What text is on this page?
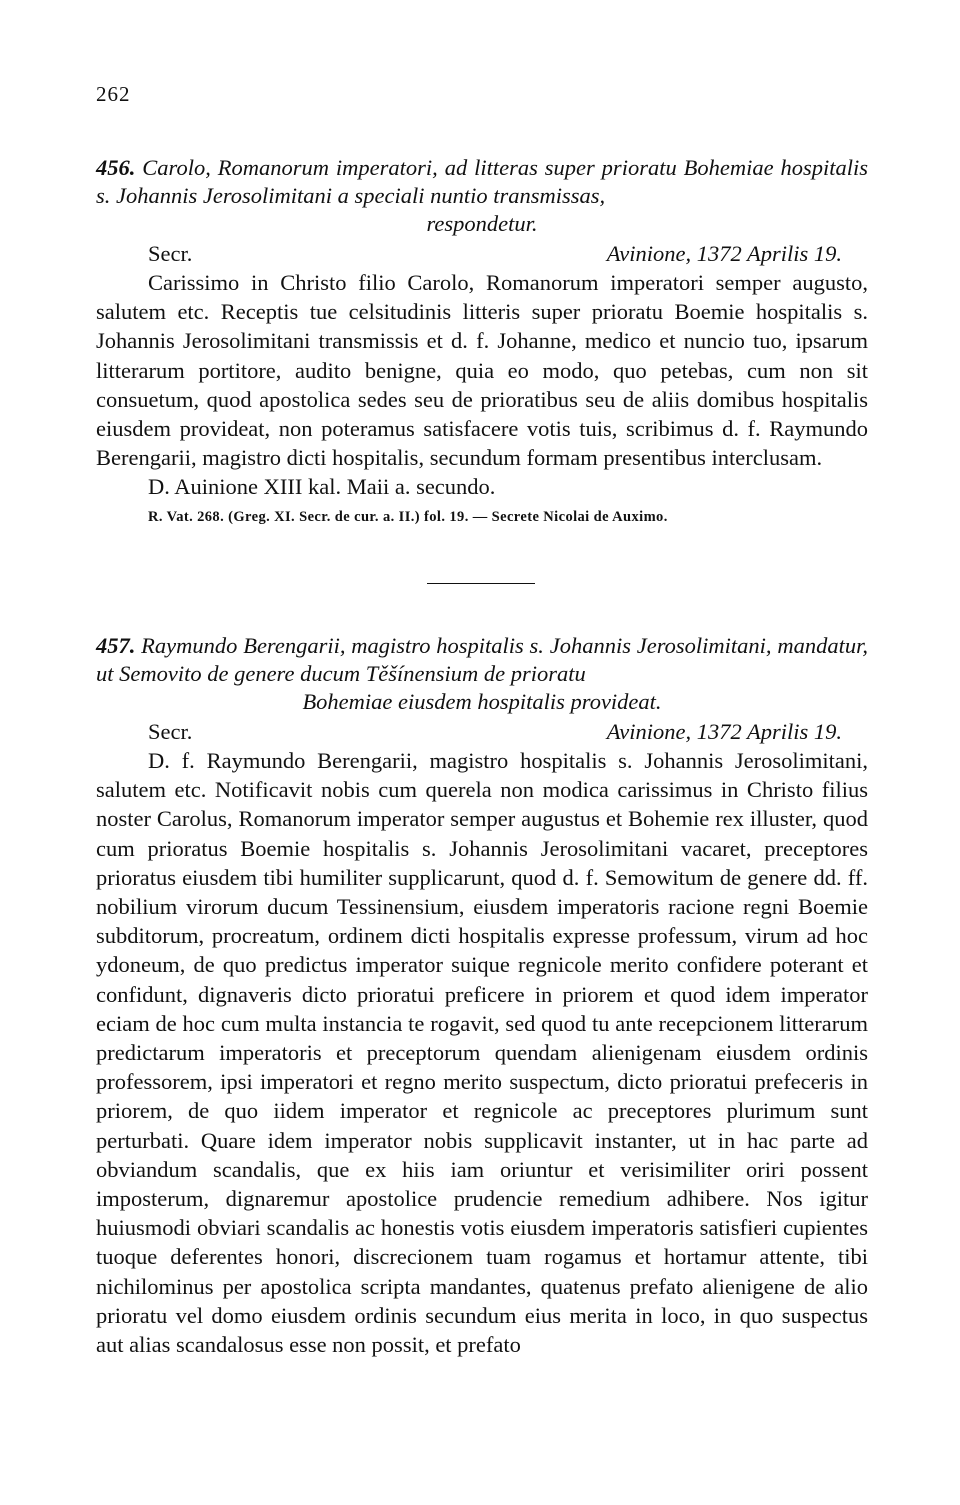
262

456. Carolo, Romanorum imperatori, ad litteras super prioratu Bohemiae hospitalis s. Johannis Jerosolimitani a speciali nuntio transmissas,
respondetur.

Secr.	Avinione, 1372 Aprilis 19.

Carissimo in Christo filio Carolo, Romanorum imperatori semper augusto, salutem etc. Receptis tue celsitudinis litteris super prioratu Boemie hospitalis s. Johannis Jerosolimitani transmissis et d. f. Johanne, medico et nuncio tuo, ipsarum litterarum portitore, audito benigne, quia eo modo, quo petebas, cum non sit consuetum, quod apostolica sedes seu de prioratibus seu de aliis domibus hospitalis eiusdem provideat, non poteramus satisfacere votis tuis, scribimus d. f. Raymundo Berengarii, magistro dicti hospitalis, secundum formam presentibus interclusam.

D. Auinione XIII kal. Maii a. secundo.

R. Vat. 268. (Greg. XI. Secr. de cur. a. II.) fol. 19. — Secrete Nicolai de Auximo.

457. Raymundo Berengarii, magistro hospitalis s. Johannis Jerosolimitani, mandatur, ut Semovito de genere ducum Těšínensium de prioratu
Bohemiae eiusdem hospitalis provideat.

Secr.	Avinione, 1372 Aprilis 19.

D. f. Raymundo Berengarii, magistro hospitalis s. Johannis Jerosolimitani, salutem etc. Notificavit nobis cum querela non modica carissimus in Christo filius noster Carolus, Romanorum imperator semper augustus et Bohemie rex illuster, quod cum prioratus Boemie hospitalis s. Johannis Jerosolimitani vacaret, preceptores prioratus eiusdem tibi humiliter supplicarunt, quod d. f. Semowitum de genere dd. ff. nobilium virorum ducum Tessinensium, eiusdem imperatoris racione regni Boemie subditorum, procreatum, ordinem dicti hospitalis expresse professum, virum ad hoc ydoneum, de quo predictus imperator suique regnicole merito confidere poterant et confidunt, dignaveris dicto prioratui preficere in priorem et quod idem imperator eciam de hoc cum multa instancia te rogavit, sed quod tu ante recepcionem litterarum predictarum imperatoris et preceptorum quendam alienigenam eiusdem ordinis professorem, ipsi imperatori et regno merito suspectum, dicto prioratui prefeceris in priorem, de quo iidem imperator et regnicole ac preceptores plurimum sunt perturbati. Quare idem imperator nobis supplicavit instanter, ut in hac parte ad obviandum scandalis, que ex hiis iam oriuntur et verisimiliter oriri possent imposterum, dignaremur apostolice prudencie remedium adhibere. Nos igitur huiusmodi obviari scandalis ac honestis votis eiusdem imperatoris satisfieri cupientes tuoque deferentes honori, discrecionem tuam rogamus et hortamur attente, tibi nichilominus per apostolica scripta mandantes, quatenus prefato alienigene de alio prioratu vel domo eiusdem ordinis secundum eius merita in loco, in quo suspectus aut alias scandalosus esse non possit, et prefato
